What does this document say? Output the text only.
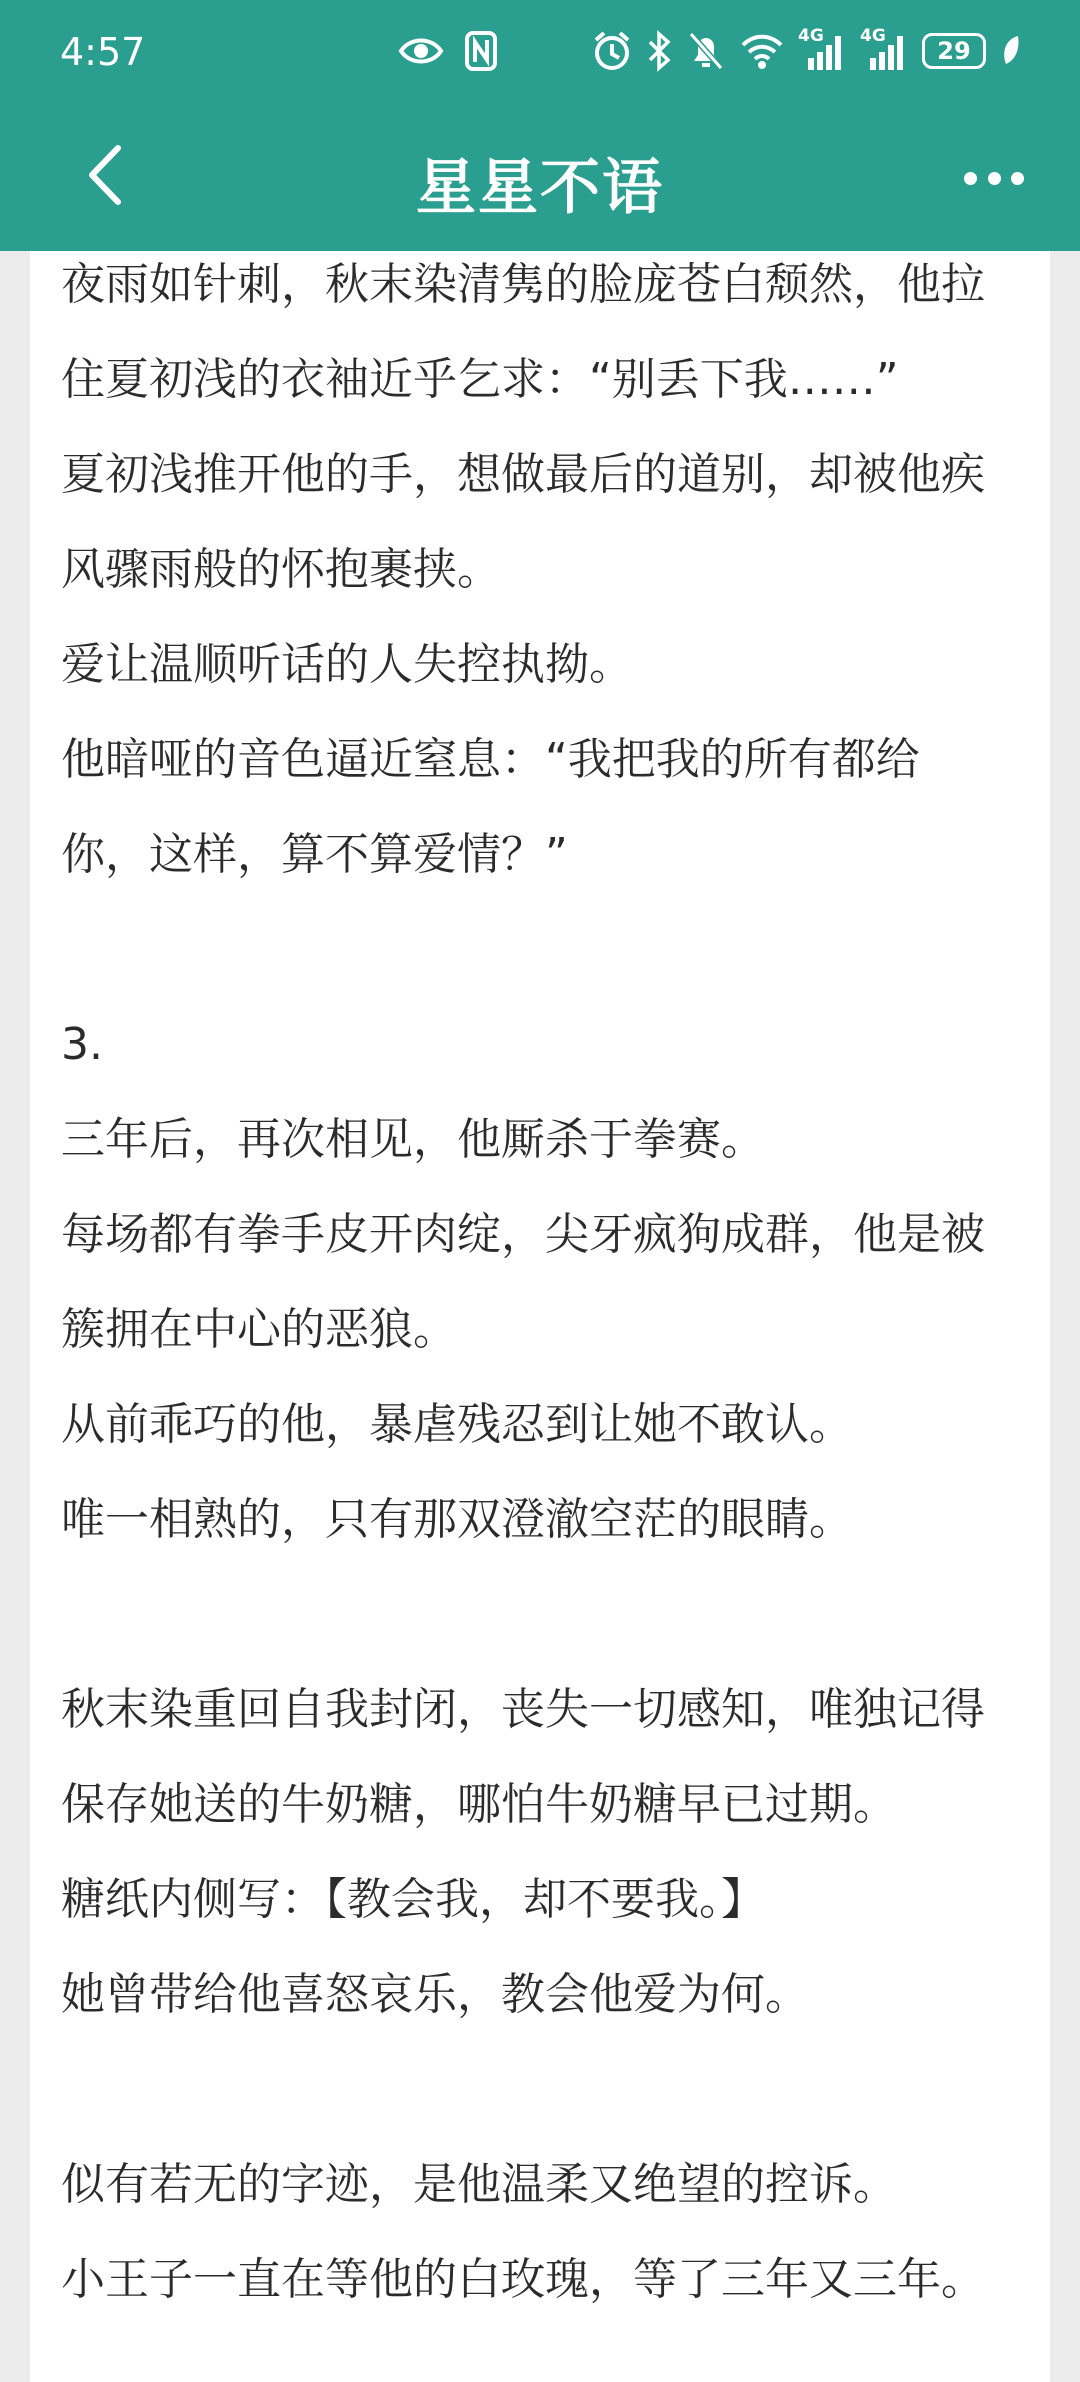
4:57	4G 4G
29
星星不语
夜雨如针刺，秋末染清隽的脸庞苍白颓然，他拉
住夏初浅的衣袖近乎乞求：“别丢下我……”
夏初浅推开他的手，想做最后的道别，却被他疾
风骤雨般的怀抱裹挟。
爱让温顺听话的人失控执拗。
他暗哑的音色逼近窒息：“我把我的所有都给
你，这样，算不算爱情？”
3.
三年后，再次相见，他厮杀于拳赛。
每场都有拳手皮开肉绽，尖牙疯狗成群，他是被
簇拥在中心的恶狼。
从前乖巧的他，暴虐残忍到让她不敢认。
唯一相熟的，只有那双澄澈空茫的眼睛。
秋末染重回自我封闭，丧失一切感知，唯独记得
保存她送的牛奶糖，哪怕牛奶糖早已过期。
糖纸内侧写：【教会我，却不要我。】
她曾带给他喜怒哀乐，教会他爱为何。
似有若无的字迹，是他温柔又绝望的控诉。
小王子一直在等他的白玫瑰，等了三年又三年。
